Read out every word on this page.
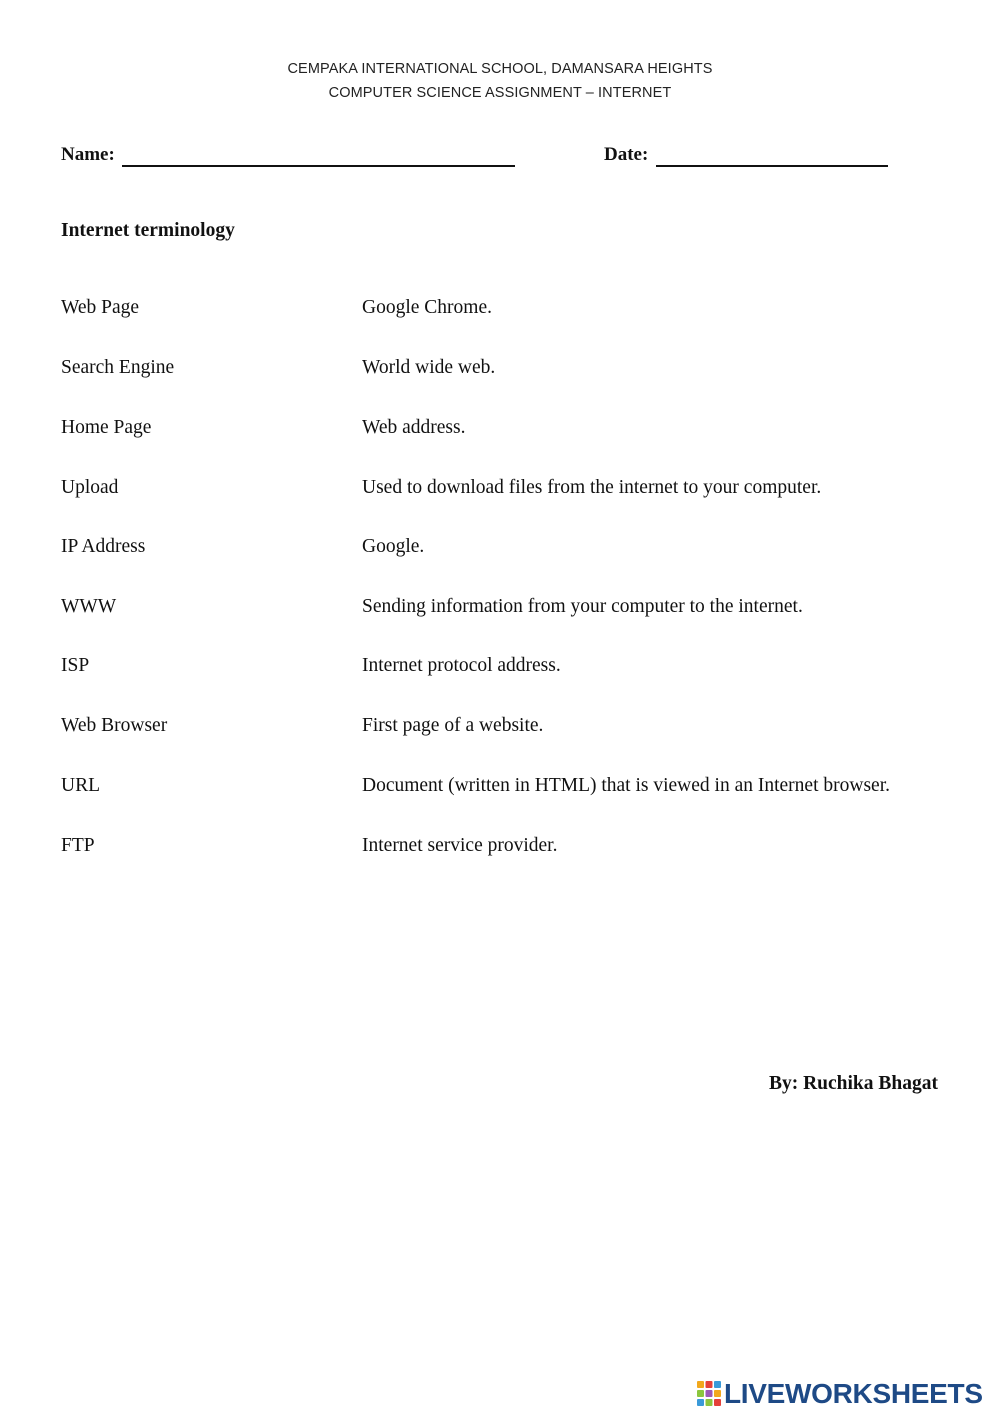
CEMPAKA INTERNATIONAL SCHOOL, DAMANSARA HEIGHTS
COMPUTER SCIENCE ASSIGNMENT – INTERNET
Name:	Date:
Internet terminology
Web Page
Search Engine
Home Page
Upload
IP Address
WWW
ISP
Web Browser
URL
FTP
Google Chrome.
World wide web.
Web address.
Used to download files from the internet to your computer.
Google.
Sending information from your computer to the internet.
Internet protocol address.
First page of a website.
Document (written in HTML) that is viewed in an Internet browser.
Internet service provider.
By: Ruchika Bhagat
LIVEWORKSHEETS
